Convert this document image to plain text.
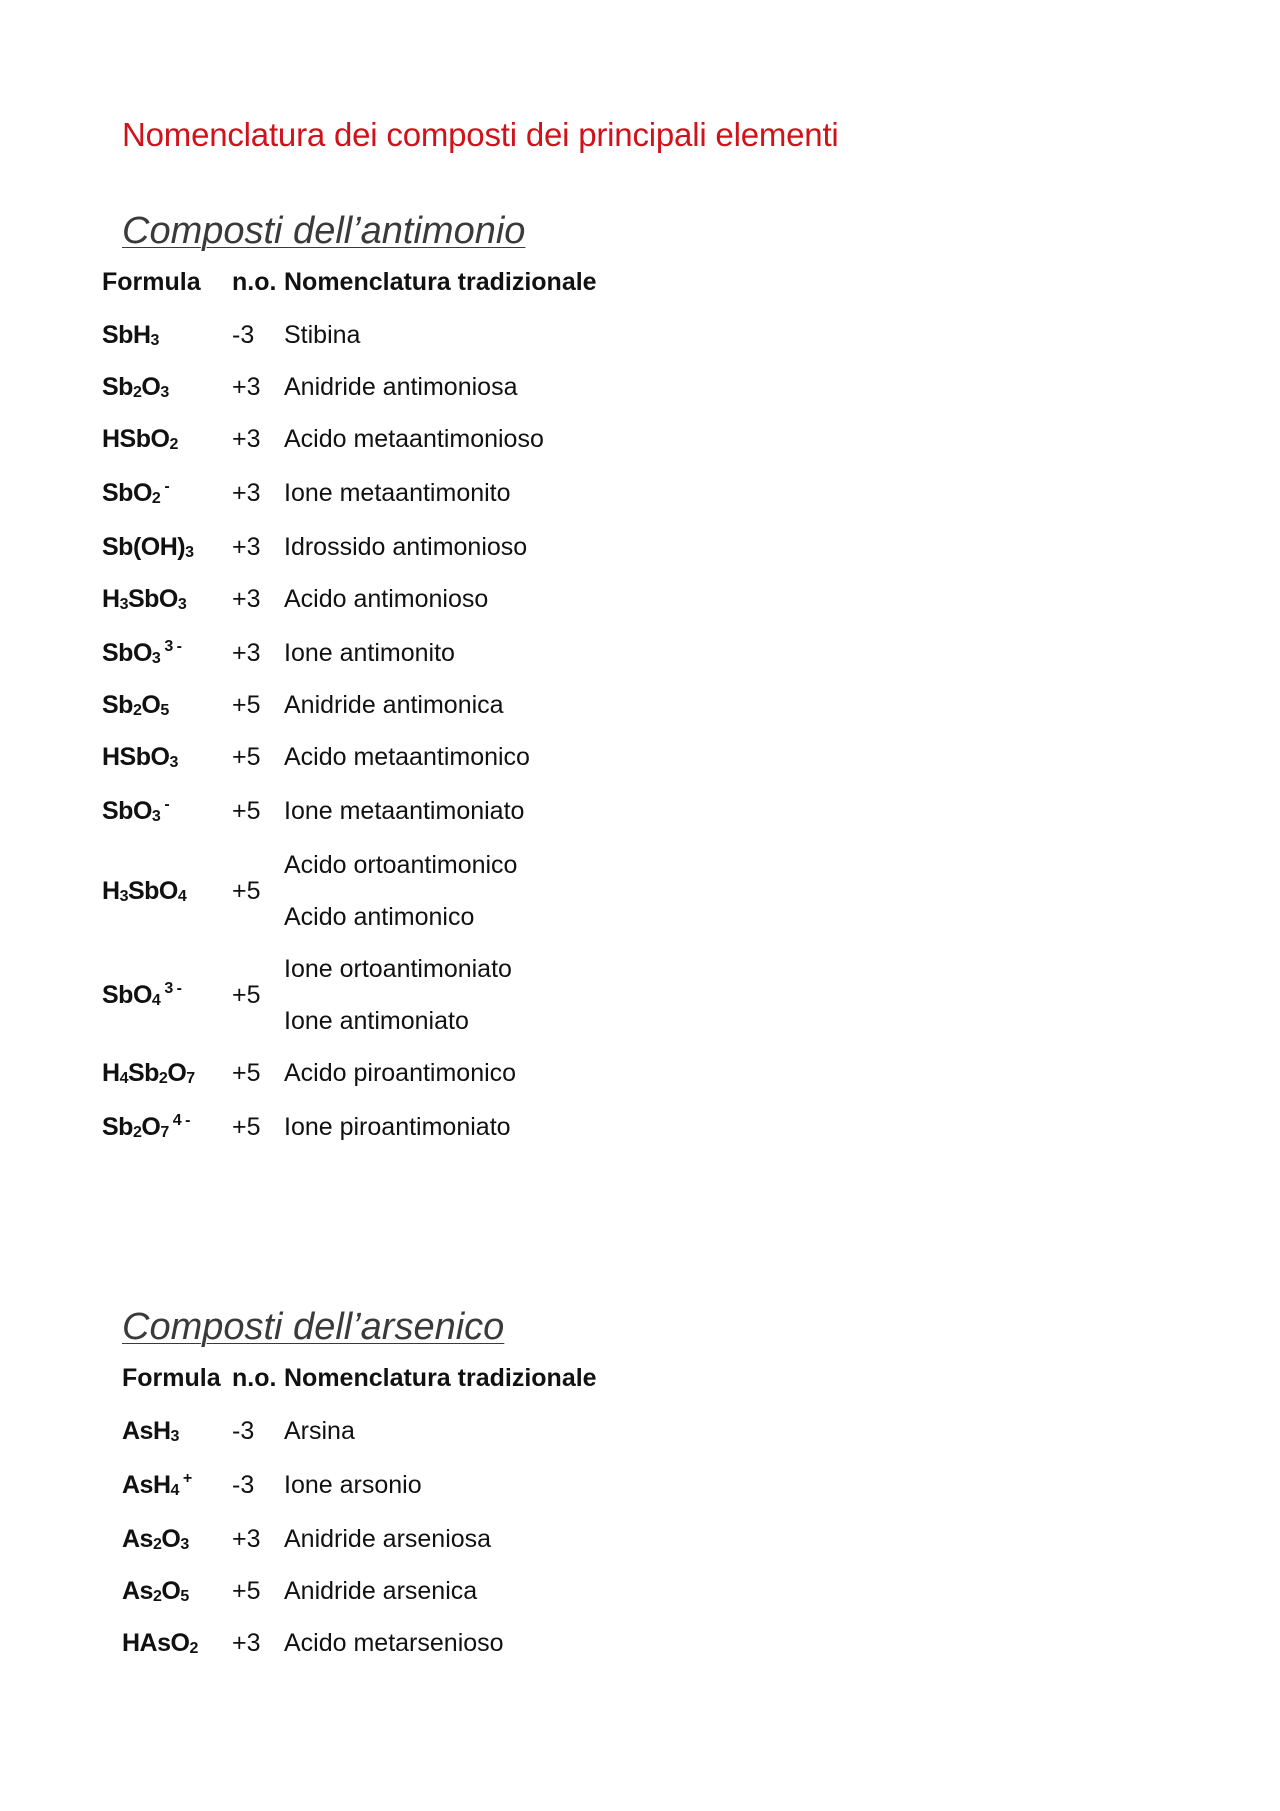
Nomenclatura dei composti dei principali elementi
Composti dell’antimonio
Formula n.o. Nomenclatura tradizionale
SbH$_3$	-3 Stibina
$Sb_2O_3$	+3 Anidride antimoniosa
HSbO$_2$ +3 Acido metaantimonioso
SbO$_2$-	+3 Ione metaantimonito
$Sb(OH)_3 +3$ Idrossido antimonioso
$H_3SbO_3 +3$ Acido antimonioso
SbO$_3^{3 -}$ +3 Ione antimonito
$Sb_2O_5$	+5 Anidride antimonica
HSbO$_3$ +5 Acido metaantimonico
SbO$_3$-	+5 Ione metaantimoniato
$H_3SbO_4 +5$
Acido ortoantimonico
Acido antimonico
SbO$_4^{3 -}$ +5
Ione ortoantimoniato
Ione antimoniato
$H_4Sb_2O_7 +5$ Acido piroantimonico
$Sb_2O_7^{4 -} +5$ Ione piroantimoniato
Composti dell’arsenico
Formula n.o. Nomenclatura tradizionale
AsH$_3$ -3 Arsina
AsH$_4$+ -3 Ione arsonio
$As_2O_3 +3$ Anidride arseniosa
$As_2O_5 +5$ Anidride arsenica
HAsO$_2$ +3 Acido metarsenioso
